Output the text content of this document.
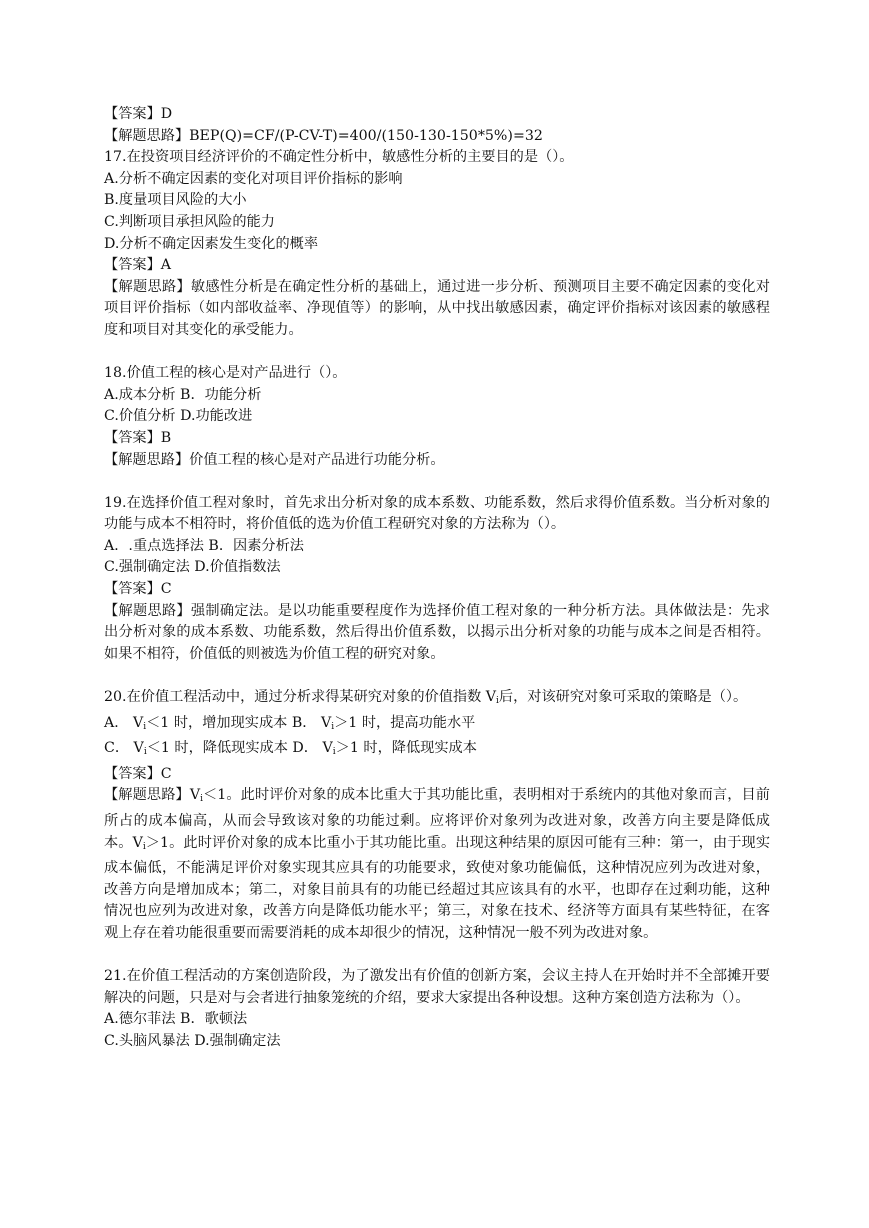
【答案】D
【解题思路】BEP(Q)=CF/(P-CV-T)=400/(150-130-150*5%)=32
17.在投资项目经济评价的不确定性分析中，敏感性分析的主要目的是（）。
A.分析不确定因素的变化对项目评价指标的影响
B.度量项目风险的大小
C.判断项目承担风险的能力
D.分析不确定因素发生变化的概率
【答案】A
【解题思路】敏感性分析是在确定性分析的基础上，通过进一步分析、预测项目主要不确定因素的变化对项目评价指标（如内部收益率、净现值等）的影响，从中找出敏感因素，确定评价指标对该因素的敏感程度和项目对其变化的承受能力。
18.价值工程的核心是对产品进行（）。
A.成本分析 B．功能分析
C.价值分析 D.功能改进
【答案】B
【解题思路】价值工程的核心是对产品进行功能分析。
19.在选择价值工程对象时，首先求出分析对象的成本系数、功能系数，然后求得价值系数。当分析对象的功能与成本不相符时，将价值低的选为价值工程研究对象的方法称为（）。
A．.重点选择法 B．因素分析法
C.强制确定法 D.价值指数法
【答案】C
【解题思路】强制确定法。是以功能重要程度作为选择价值工程对象的一种分析方法。具体做法是：先求出分析对象的成本系数、功能系数，然后得出价值系数，以揭示出分析对象的功能与成本之间是否相符。如果不相符，价值低的则被选为价值工程的研究对象。
20.在价值工程活动中，通过分析求得某研究对象的价值指数 $V_i$后，对该研究对象可采取的策略是（）。
A． $V_i<1$ 时，增加现实成本 B． $V_i>1$ 时，提高功能水平
C． $V_i<1$ 时，降低现实成本 D． $V_i>1$ 时，降低现实成本
【答案】C
【解题思路】$V_i<1$。此时评价对象的成本比重大于其功能比重，表明相对于系统内的其他对象而言，目前所占的成本偏高，从而会导致该对象的功能过剩。应将评价对象列为改进对象，改善方向主要是降低成本。$V_i>1$。此时评价对象的成本比重小于其功能比重。出现这种结果的原因可能有三种：第一，由于现实成本偏低，不能满足评价对象实现其应具有的功能要求，致使对象功能偏低，这种情况应列为改进对象，改善方向是增加成本；第二，对象目前具有的功能已经超过其应该具有的水平，也即存在过剩功能，这种情况也应列为改进对象，改善方向是降低功能水平；第三，对象在技术、经济等方面具有某些特征，在客观上存在着功能很重要而需要消耗的成本却很少的情况，这种情况一般不列为改进对象。
21.在价值工程活动的方案创造阶段，为了激发出有价值的创新方案，会议主持人在开始时并不全部摊开要解决的问题，只是对与会者进行抽象笼统的介绍，要求大家提出各种设想。这种方案创造方法称为（）。
A.德尔菲法 B．歌顿法
C.头脑风暴法 D.强制确定法
